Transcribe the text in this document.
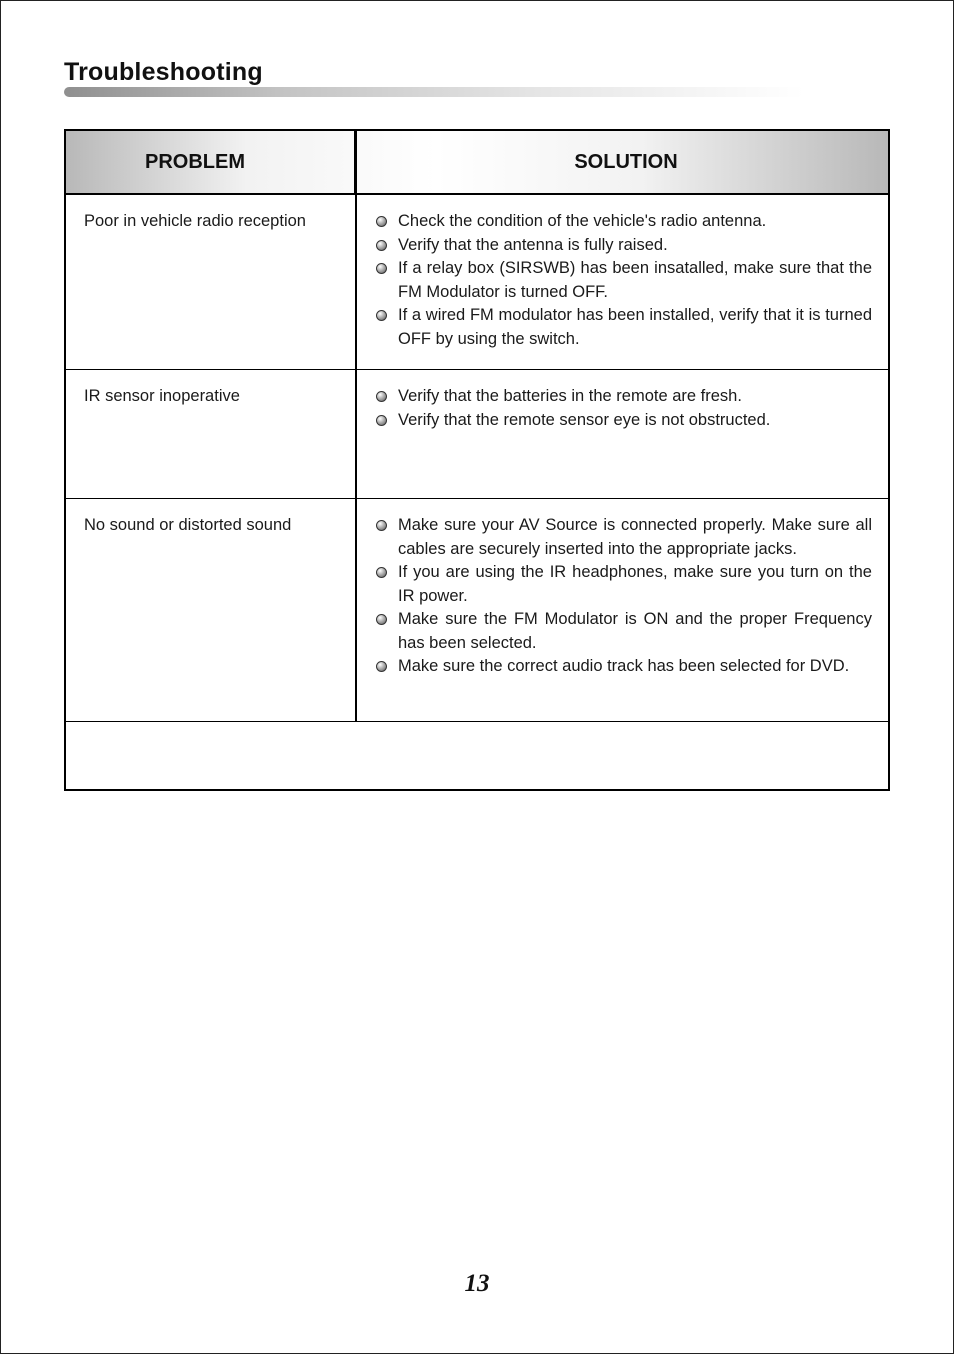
Troubleshooting
PROBLEM	SOLUTION
Poor in vehicle radio reception	Check the condition of the vehicle's radio antenna.
Verify that the antenna is fully raised.
If a relay box (SIRSWB) has been insatalled, make sure that the FM Modulator is turned OFF.
If a wired FM modulator has been installed, verify that it is turned OFF by using the switch.
IR sensor inoperative	Verify that the batteries in the remote are fresh.
Verify that the remote sensor eye is not obstructed.
No sound or distorted sound	Make sure your AV Source is connected properly. Make sure all cables are securely inserted into the appropriate jacks.
If you are using the IR headphones, make sure you turn on the IR power.
Make sure the FM Modulator is ON and the proper Frequency has been selected.
Make sure the correct audio track has been selected for DVD.
13
